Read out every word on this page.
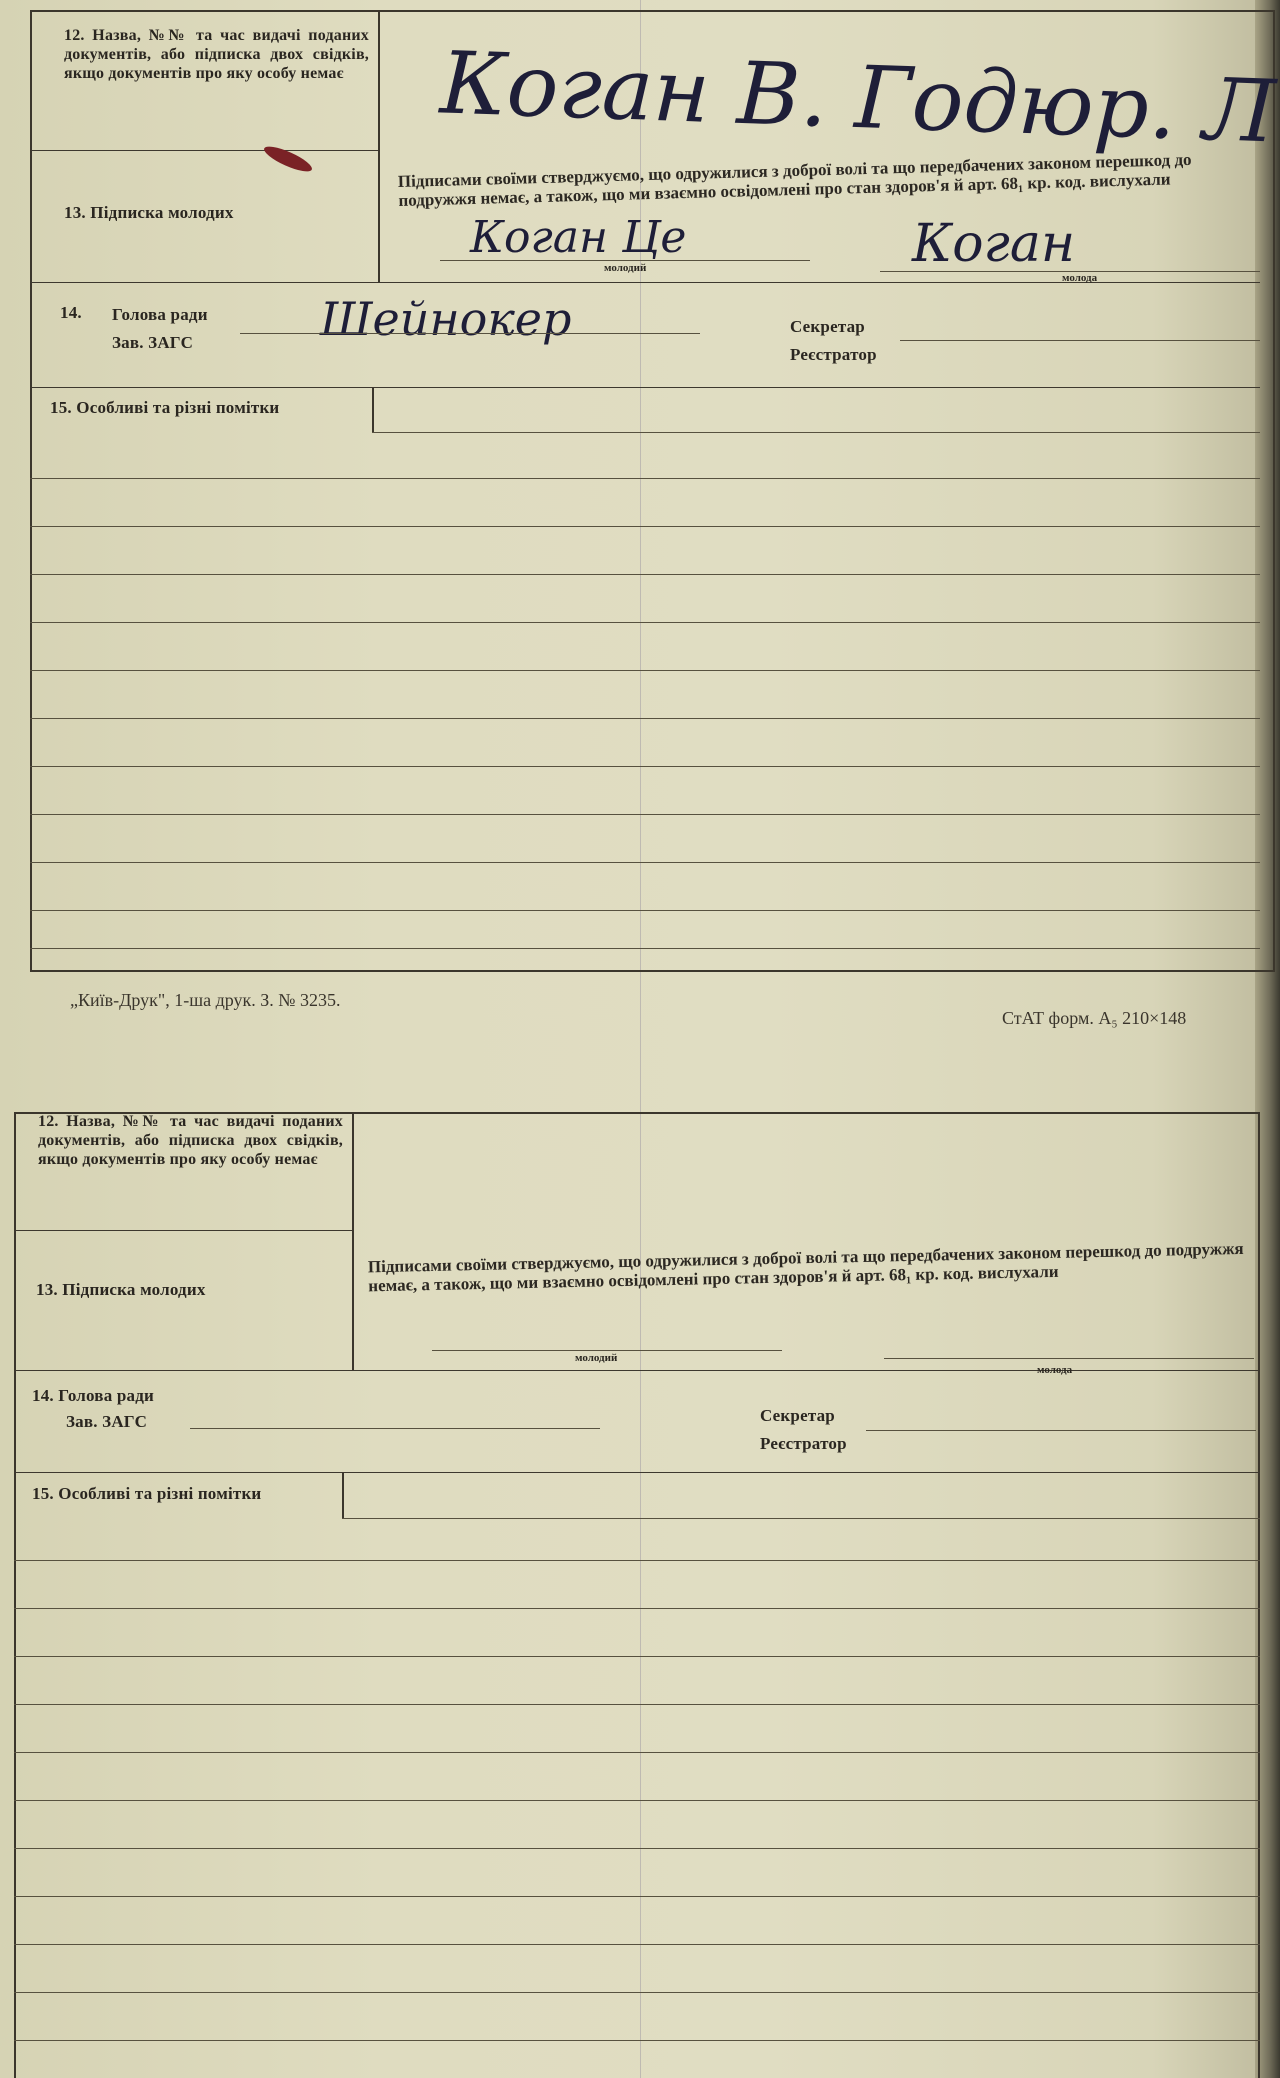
12. Назва, №№ та час видачі поданих документів, або підписка двох свідків, якщо документів про яку особу немає
13. Підписка молодих
Коган В. Годюр. Л
Підписами своїми стверджуємо, що одружилися з доброї волі та що передбачених законом перешкод до подружжя немає, а також, що ми взаємно освідомлені про стан здоров'я й арт. 68₁ кр. код. вислухали
Коган Це
молодий	Коган
молода
14. Голова ради
Зав. ЗАГС	Шейнокер	Секретар
Реєстратор
15. Особливі та різні помітки
„Київ-Друк", 1-ша друк. З. № 3235.
СтАТ форм. А₅ 210×148
12. Назва, №№ та час видачі поданих документів, або підписка двох свідків, якщо документів про яку особу немає
13. Підписка молодих
Підписами своїми стверджуємо, що одружилися з доброї волі та що передбачених законом перешкод до подружжя немає, а також, що ми взаємно освідомлені про стан здоров'я й арт. 68₁ кр. код. вислухали
молодий
молода
14. Голова ради
Зав. ЗАГС	Секретар
Реєстратор
15. Особливі та різні помітки
